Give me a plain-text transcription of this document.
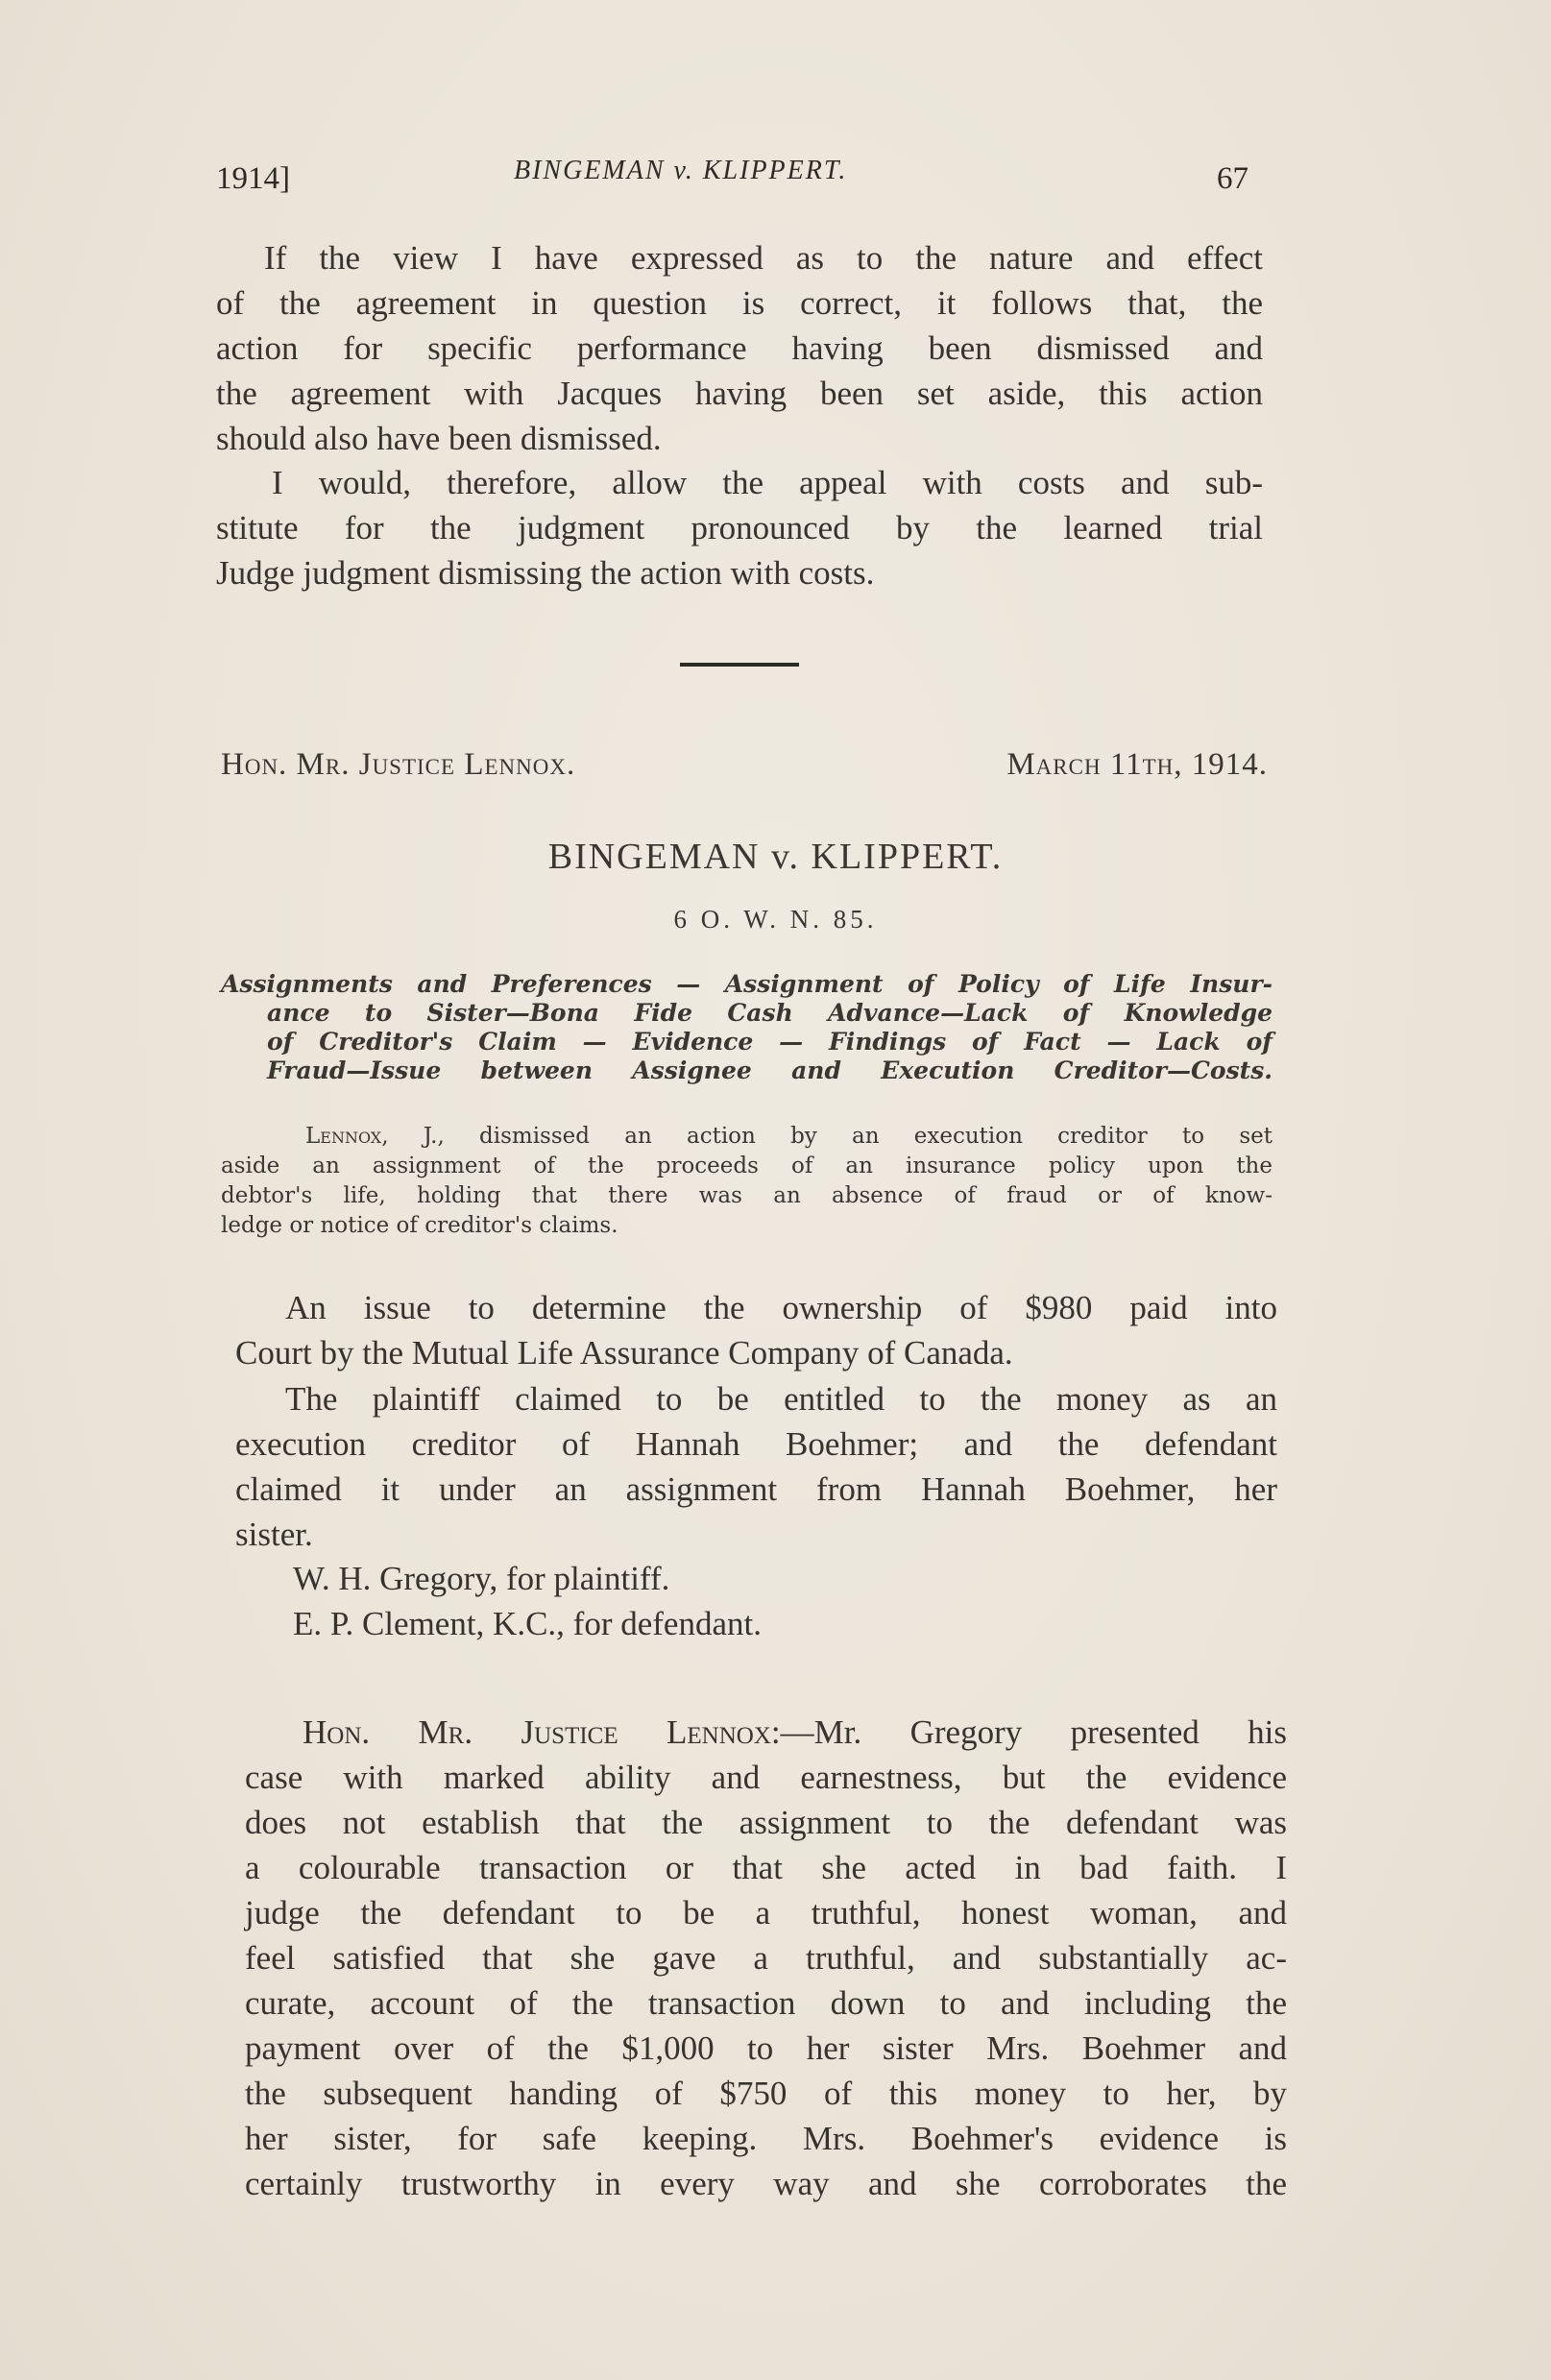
1914]	BINGEMAN v. KLIPPERT.	67
If the view I have expressed as to the nature and effect
of the agreement in question is correct, it follows that, the
action for specific performance having been dismissed and
the agreement with Jacques having been set aside, this action
should also have been dismissed.
I would, therefore, allow the appeal with costs and sub-
stitute for the judgment pronounced by the learned trial
Judge judgment dismissing the action with costs.
Hon. Mr. Justice Lennox.	March 11th, 1914.
BINGEMAN v. KLIPPERT.
6 O. W. N. 85.
Assignments and Preferences — Assignment of Policy of Life Insur-
ance to Sister—Bona Fide Cash Advance—Lack of Knowledge
of Creditor's Claim — Evidence — Findings of Fact — Lack of
Fraud—Issue between Assignee and Execution Creditor—Costs.
Lennox, J., dismissed an action by an execution creditor to set
aside an assignment of the proceeds of an insurance policy upon the
debtor's life, holding that there was an absence of fraud or of know-
ledge or notice of creditor's claims.
An issue to determine the ownership of $980 paid into
Court by the Mutual Life Assurance Company of Canada.
The plaintiff claimed to be entitled to the money as an
execution creditor of Hannah Boehmer; and the defendant
claimed it under an assignment from Hannah Boehmer, her
sister.
W. H. Gregory, for plaintiff.
E. P. Clement, K.C., for defendant.
Hon. Mr. Justice Lennox:—Mr. Gregory presented his
case with marked ability and earnestness, but the evidence
does not establish that the assignment to the defendant was
a colourable transaction or that she acted in bad faith. I
judge the defendant to be a truthful, honest woman, and
feel satisfied that she gave a truthful, and substantially ac-
curate, account of the transaction down to and including the
payment over of the $1,000 to her sister Mrs. Boehmer and
the subsequent handing of $750 of this money to her, by
her sister, for safe keeping. Mrs. Boehmer's evidence is
certainly trustworthy in every way and she corroborates the
